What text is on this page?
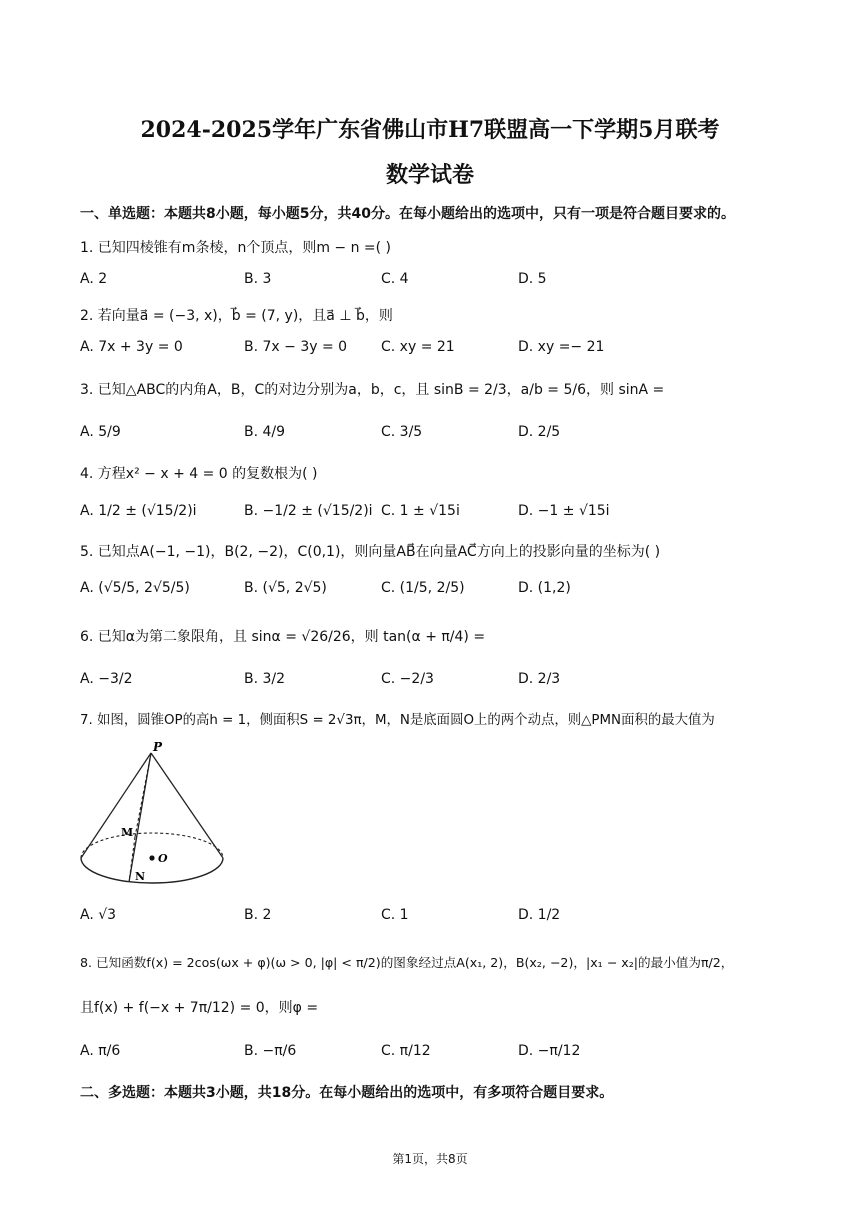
2024-2025学年广东省佛山市H7联盟高一下学期5月联考
数学试卷
一、单选题：本题共8小题，每小题5分，共40分。在每小题给出的选项中，只有一项是符合题目要求的。
1. 已知四棱锥有m条棱，n个顶点，则m − n =( )
A. 2	B. 3	C. 4	D. 5
2. 若向量a⃗ = (−3, x)，b⃗ = (7, y)，且a⃗ ⊥ b⃗，则
A. 7x + 3y = 0	B. 7x − 3y = 0 C. xy = 21	D. xy =− 21
3. 已知△ABC的内角A，B，C的对边分别为a，b，c，且 sinB = 2/3，a/b = 5/6，则 sinA =
A. 5/9	B. 4/9	C. 3/5	D. 2/5
4. 方程x² − x + 4 = 0 的复数根为( )
A. 1/2 ± (√15/2)i	B. −1/2 ± (√15/2)i C. 1 ± √15i	D. −1 ± √15i
5. 已知点A(−1, −1)，B(2, −2)，C(0,1)，则向量AB⃗在向量AC⃗方向上的投影向量的坐标为( )
A. (√5/5, 2√5/5)	B. (√5, 2√5)	C. (1/5, 2/5)	D. (1,2)
6. 已知α为第二象限角，且 sinα = √26/26，则 tan(α + π/4) =
A. −3/2	B. 3/2	C. −2/3	D. 2/3
7. 如图，圆锥OP的高h = 1，侧面积S = 2√3π，M，N是底面圆O上的两个动点，则△PMN面积的最大值为
P
M
O
N
A. √3	B. 2	C. 1	D. 1/2
8. 已知函数f(x) = 2cos(ωx + φ)(ω > 0, |φ| < π/2)的图象经过点A(x₁, 2)，B(x₂, −2)，|x₁ − x₂|的最小值为π/2，
且f(x) + f(−x + 7π/12) = 0，则φ =
A. π/6	B. −π/6	C. π/12	D. −π/12
二、多选题：本题共3小题，共18分。在每小题给出的选项中，有多项符合题目要求。
第1页，共8页
